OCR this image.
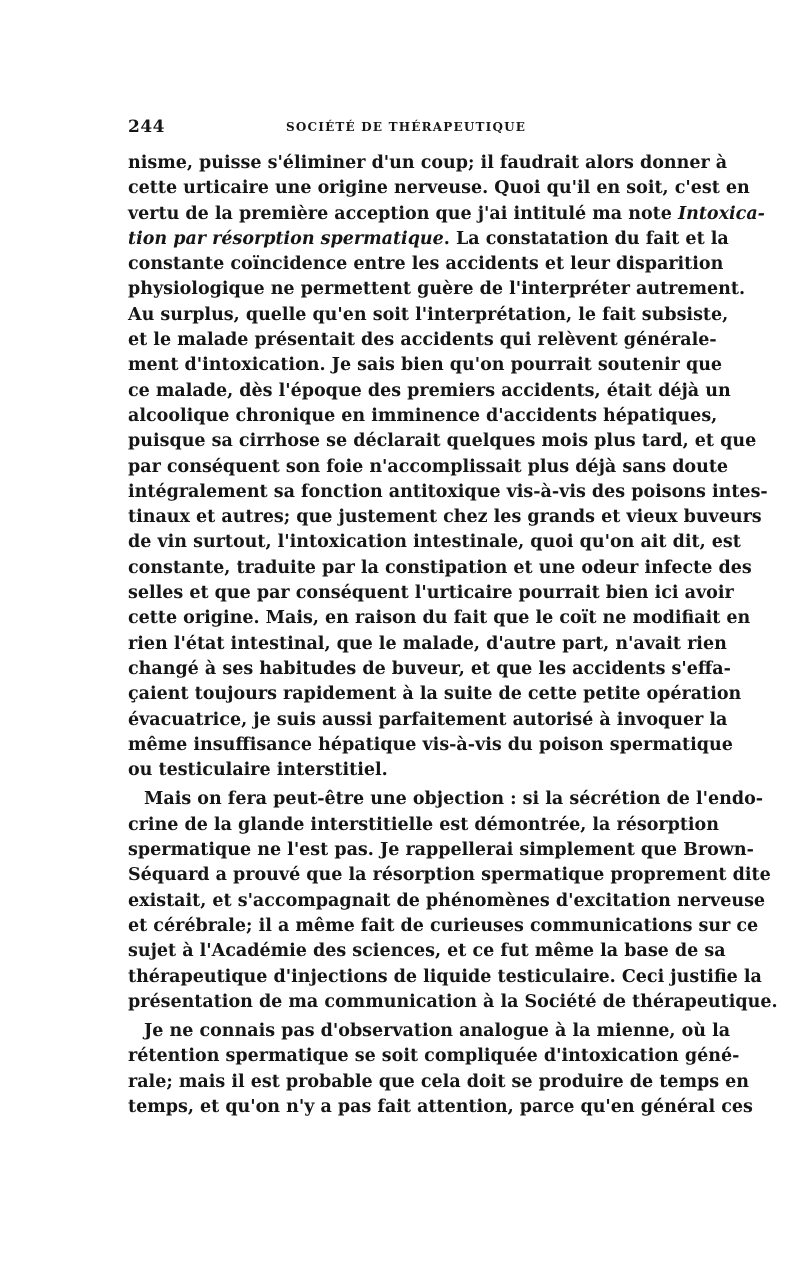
244	SOCIÉTÉ DE THÉRAPEUTIQUE
nisme, puisse s'éliminer d'un coup; il faudrait alors donner à
cette urticaire une origine nerveuse. Quoi qu'il en soit, c'est en
vertu de la première acception que j'ai intitulé ma note Intoxica-
tion par résorption spermatique. La constatation du fait et la
constante coïncidence entre les accidents et leur disparition
physiologique ne permettent guère de l'interpréter autrement.
Au surplus, quelle qu'en soit l'interprétation, le fait subsiste,
et le malade présentait des accidents qui relèvent générale-
ment d'intoxication. Je sais bien qu'on pourrait soutenir que
ce malade, dès l'époque des premiers accidents, était déjà un
alcoolique chronique en imminence d'accidents hépatiques,
puisque sa cirrhose se déclarait quelques mois plus tard, et que
par conséquent son foie n'accomplissait plus déjà sans doute
intégralement sa fonction antitoxique vis-à-vis des poisons intes-
tinaux et autres; que justement chez les grands et vieux buveurs
de vin surtout, l'intoxication intestinale, quoi qu'on ait dit, est
constante, traduite par la constipation et une odeur infecte des
selles et que par conséquent l'urticaire pourrait bien ici avoir
cette origine. Mais, en raison du fait que le coït ne modifiait en
rien l'état intestinal, que le malade, d'autre part, n'avait rien
changé à ses habitudes de buveur, et que les accidents s'effa-
çaient toujours rapidement à la suite de cette petite opération
évacuatrice, je suis aussi parfaitement autorisé à invoquer la
même insuffisance hépatique vis-à-vis du poison spermatique
ou testiculaire interstitiel.
Mais on fera peut-être une objection : si la sécrétion de l'endo-
crine de la glande interstitielle est démontrée, la résorption
spermatique ne l'est pas. Je rappellerai simplement que Brown-
Séquard a prouvé que la résorption spermatique proprement dite
existait, et s'accompagnait de phénomènes d'excitation nerveuse
et cérébrale; il a même fait de curieuses communications sur ce
sujet à l'Académie des sciences, et ce fut même la base de sa
thérapeutique d'injections de liquide testiculaire. Ceci justifie la
présentation de ma communication à la Société de thérapeutique.
Je ne connais pas d'observation analogue à la mienne, où la
rétention spermatique se soit compliquée d'intoxication géné-
rale; mais il est probable que cela doit se produire de temps en
temps, et qu'on n'y a pas fait attention, parce qu'en général ces
